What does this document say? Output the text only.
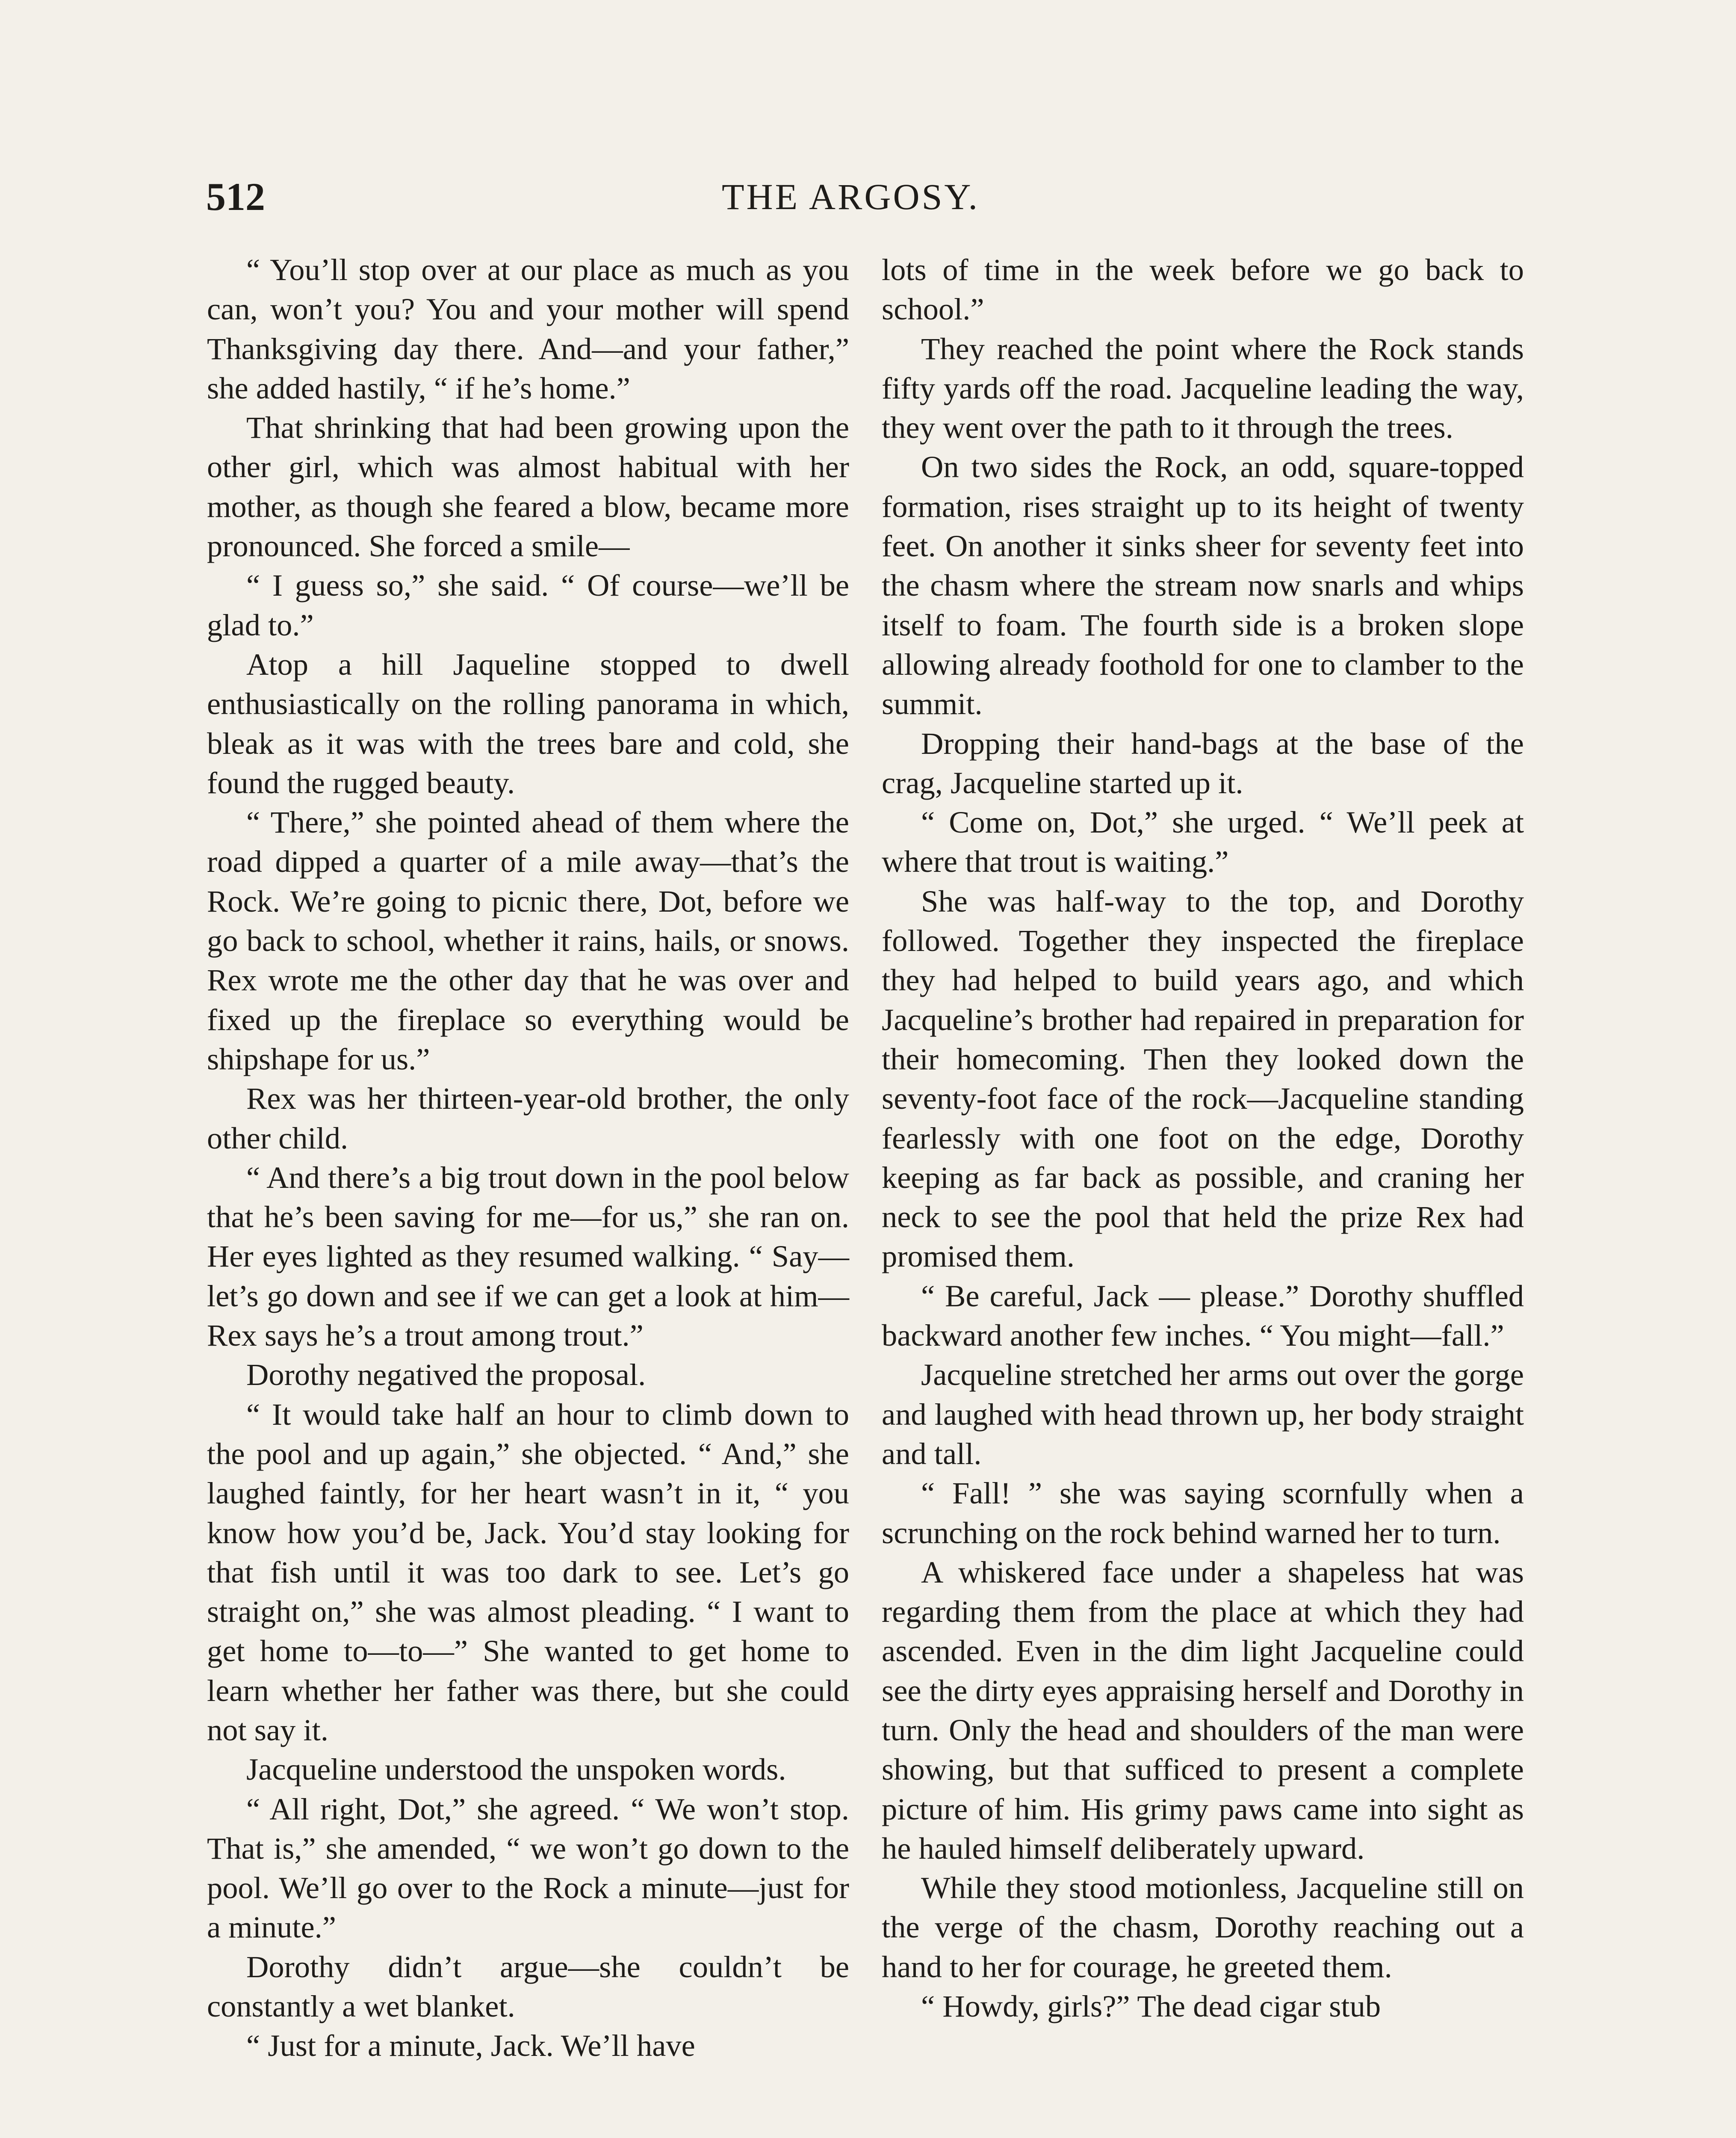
512	THE ARGOSY.

“ You’ll stop over at our place as much as you can, won’t you? You and your mother will spend Thanksgiving day there. And—and your father,” she added hastily, “ if he’s home.”

That shrinking that had been growing upon the other girl, which was almost habitual with her mother, as though she feared a blow, became more pronounced. She forced a smile—

“ I guess so,” she said. “ Of course—we’ll be glad to.”

Atop a hill Jaqueline stopped to dwell enthusiastically on the rolling panorama in which, bleak as it was with the trees bare and cold, she found the rugged beauty.

“ There,” she pointed ahead of them where the road dipped a quarter of a mile away—that’s the Rock. We’re going to picnic there, Dot, before we go back to school, whether it rains, hails, or snows. Rex wrote me the other day that he was over and fixed up the fireplace so everything would be shipshape for us.”

Rex was her thirteen-year-old brother, the only other child.

“ And there’s a big trout down in the pool below that he’s been saving for me—for us,” she ran on. Her eyes lighted as they resumed walking. “ Say—let’s go down and see if we can get a look at him—Rex says he’s a trout among trout.”

Dorothy negatived the proposal.

“ It would take half an hour to climb down to the pool and up again,” she objected. “ And,” she laughed faintly, for her heart wasn’t in it, “ you know how you’d be, Jack. You’d stay looking for that fish until it was too dark to see. Let’s go straight on,” she was almost pleading. “ I want to get home to—to—” She wanted to get home to learn whether her father was there, but she could not say it.

Jacqueline understood the unspoken words.

“ All right, Dot,” she agreed. “ We won’t stop. That is,” she amended, “ we won’t go down to the pool. We’ll go over to the Rock a minute—just for a minute.”

Dorothy didn’t argue—she couldn’t be constantly a wet blanket.

“ Just for a minute, Jack. We’ll have

lots of time in the week before we go back to school.”

They reached the point where the Rock stands fifty yards off the road. Jacqueline leading the way, they went over the path to it through the trees.

On two sides the Rock, an odd, square-topped formation, rises straight up to its height of twenty feet. On another it sinks sheer for seventy feet into the chasm where the stream now snarls and whips itself to foam. The fourth side is a broken slope allowing already foothold for one to clamber to the summit.

Dropping their hand-bags at the base of the crag, Jacqueline started up it.

“ Come on, Dot,” she urged. “ We’ll peek at where that trout is waiting.”

She was half-way to the top, and Dorothy followed. Together they inspected the fireplace they had helped to build years ago, and which Jacqueline’s brother had repaired in preparation for their homecoming. Then they looked down the seventy-foot face of the rock—Jacqueline standing fearlessly with one foot on the edge, Dorothy keeping as far back as possible, and craning her neck to see the pool that held the prize Rex had promised them.

“ Be careful, Jack — please.” Dorothy shuffled backward another few inches. “ You might—fall.”

Jacqueline stretched her arms out over the gorge and laughed with head thrown up, her body straight and tall.

“ Fall! ” she was saying scornfully when a scrunching on the rock behind warned her to turn.

A whiskered face under a shapeless hat was regarding them from the place at which they had ascended. Even in the dim light Jacqueline could see the dirty eyes appraising herself and Dorothy in turn. Only the head and shoulders of the man were showing, but that sufficed to present a complete picture of him. His grimy paws came into sight as he hauled himself deliberately upward.

While they stood motionless, Jacqueline still on the verge of the chasm, Dorothy reaching out a hand to her for courage, he greeted them.

“ Howdy, girls?” The dead cigar stub
